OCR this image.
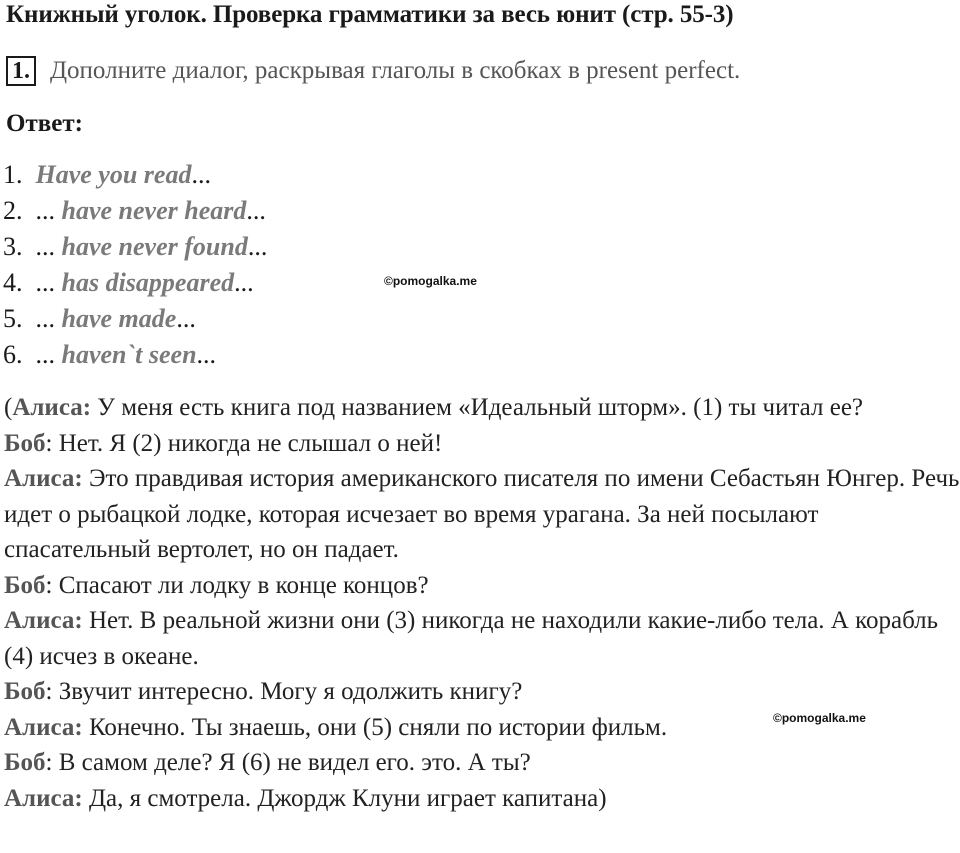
Книжный уголок. Проверка грамматики за весь юнит (стр. 55-3)
1. Дополните диалог, раскрывая глаголы в скобках в present perfect.
Ответ:
1. Have you read...
2. ... have never heard...
3. ... have never found...
4. ... has disappeared...
5. ... have made...
6. ... haven`t seen...
©pomogalka.me

(Алиса: У меня есть книга под названием «Идеальный шторм». (1) ты читал ее?

Боб: Нет. Я (2) никогда не слышал о ней!

Алиса: Это правдивая история американского писателя по имени Себастьян Юнгер. Речь идет о рыбацкой лодке, которая исчезает во время урагана. За ней посылают спасательный вертолет, но он падает.

Боб: Спасают ли лодку в конце концов?

Алиса: Нет. В реальной жизни они (3) никогда не находили какие-либо тела. А корабль (4) исчез в океане.

Боб: Звучит интересно. Могу я одолжить книгу?

Алиса: Конечно. Ты знаешь, они (5) сняли по истории фильм.

Боб: В самом деле? Я (6) не видел его. это. А ты?

Алиса: Да, я смотрела. Джордж Клуни играет капитана)

©pomogalka.me
